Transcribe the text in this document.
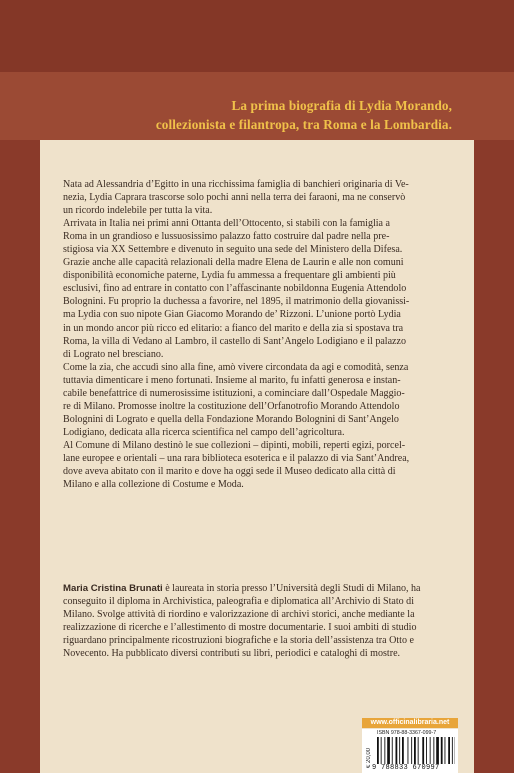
La prima biografia di Lydia Morando,
collezionista e filantropa, tra Roma e la Lombardia.
Nata ad Alessandria d’Egitto in una ricchissima famiglia di banchieri originaria di Ve-
nezia, Lydia Caprara trascorse solo pochi anni nella terra dei faraoni, ma ne conservò
un ricordo indelebile per tutta la vita.
Arrivata in Italia nei primi anni Ottanta dell’Ottocento, si stabilì con la famiglia a
Roma in un grandioso e lussuosissimo palazzo fatto costruire dal padre nella pre-
stigiosa via XX Settembre e divenuto in seguito una sede del Ministero della Difesa.
Grazie anche alle capacità relazionali della madre Elena de Laurin e alle non comuni
disponibilità economiche paterne, Lydia fu ammessa a frequentare gli ambienti più
esclusivi, fino ad entrare in contatto con l’affascinante nobildonna Eugenia Attendolo
Bolognini. Fu proprio la duchessa a favorire, nel 1895, il matrimonio della giovanissi-
ma Lydia con suo nipote Gian Giacomo Morando de’ Rizzoni. L’unione portò Lydia
in un mondo ancor più ricco ed elitario: a fianco del marito e della zia si spostava tra
Roma, la villa di Vedano al Lambro, il castello di Sant’Angelo Lodigiano e il palazzo
di Lograto nel bresciano.
Come la zia, che accudì sino alla fine, amò vivere circondata da agi e comodità, senza
tuttavia dimenticare i meno fortunati. Insieme al marito, fu infatti generosa e instan-
cabile benefattrice di numerosissime istituzioni, a cominciare dall’Ospedale Maggio-
re di Milano. Promosse inoltre la costituzione dell’Orfanotrofio Morando Attendolo
Bolognini di Lograto e quella della Fondazione Morando Bolognini di Sant’Angelo
Lodigiano, dedicata alla ricerca scientifica nel campo dell’agricoltura.
Al Comune di Milano destinò le sue collezioni – dipinti, mobili, reperti egizi, porcel-
lane europee e orientali – una rara biblioteca esoterica e il palazzo di via Sant’Andrea,
dove aveva abitato con il marito e dove ha oggi sede il Museo dedicato alla città di
Milano e alla collezione di Costume e Moda.
Maria Cristina Brunati è laureata in storia presso l’Università degli Studi di Milano, ha
conseguito il diploma in Archivistica, paleografia e diplomatica all’Archivio di Stato di
Milano. Svolge attività di riordino e valorizzazione di archivi storici, anche mediante la
realizzazione di ricerche e l’allestimento di mostre documentarie. I suoi ambiti di studio
riguardano principalmente ricostruzioni biografiche e la storia dell’assistenza tra Otto e
Novecento. Ha pubblicato diversi contributi su libri, periodici e cataloghi di mostre.
www.officinalibraria.net
€ 20,00
ISBN 978-88-3367-099-7
9 788833 670997
